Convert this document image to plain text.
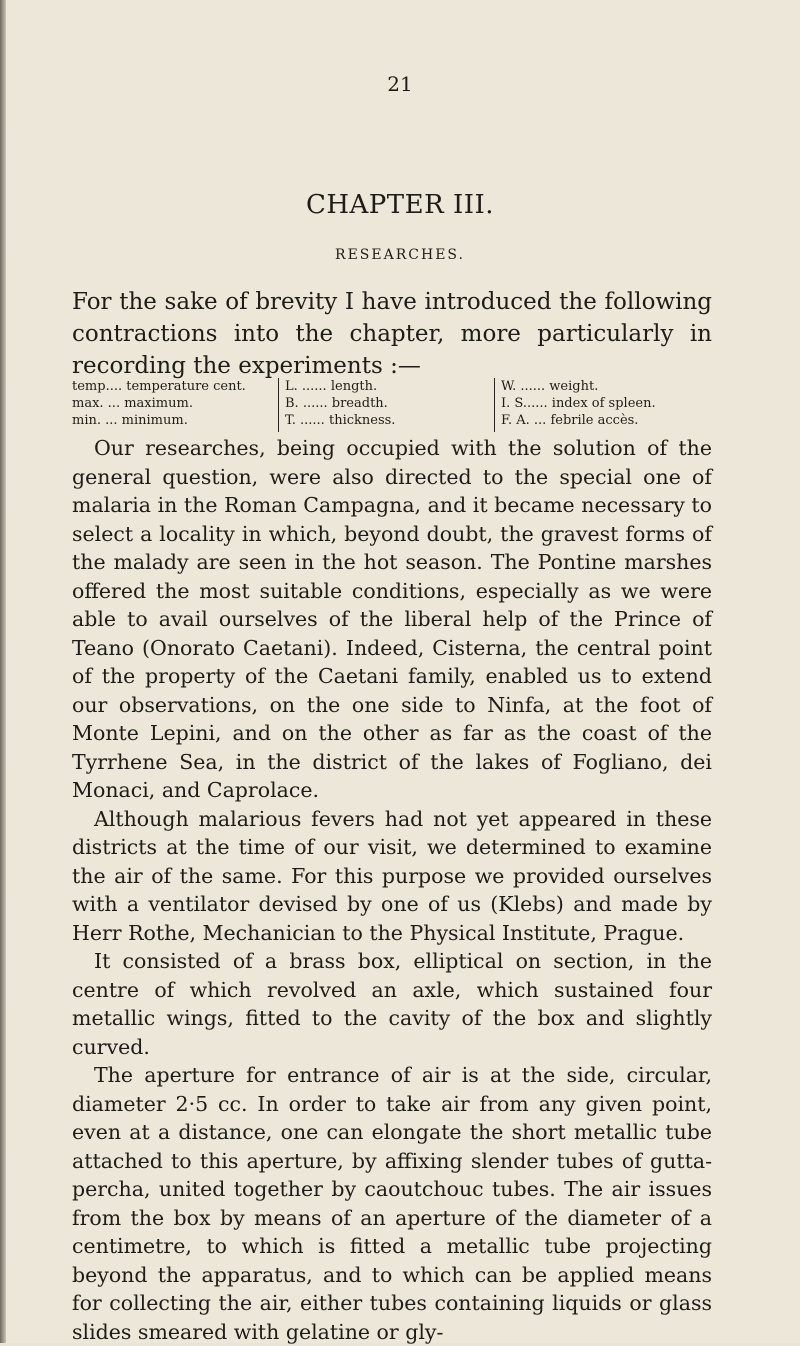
21
CHAPTER III.
RESEARCHES.

For the sake of brevity I have introduced the following contractions into the chapter, more particularly in recording the experiments :—

temp.... temperature cent.
max. ... maximum.
min. ... minimum.
L. ...... length.
B. ...... breadth.
T. ...... thickness.
W. ...... weight.
I. S...... index of spleen.
F. A. ... febrile accès.

Our researches, being occupied with the solution of the general question, were also directed to the special one of malaria in the Roman Campagna, and it became necessary to select a locality in which, beyond doubt, the gravest forms of the malady are seen in the hot season. The Pontine marshes offered the most suitable conditions, especially as we were able to avail ourselves of the liberal help of the Prince of Teano (Onorato Caetani). Indeed, Cisterna, the central point of the property of the Caetani family, enabled us to extend our observations, on the one side to Ninfa, at the foot of Monte Lepini, and on the other as far as the coast of the Tyrrhene Sea, in the district of the lakes of Fogliano, dei Monaci, and Caprolace.

Although malarious fevers had not yet appeared in these districts at the time of our visit, we determined to examine the air of the same. For this purpose we provided ourselves with a ventilator devised by one of us (Klebs) and made by Herr Rothe, Mechanician to the Physical Institute, Prague.

It consisted of a brass box, elliptical on section, in the centre of which revolved an axle, which sustained four metallic wings, fitted to the cavity of the box and slightly curved.

The aperture for entrance of air is at the side, circular, diameter 2·5 cc. In order to take air from any given point, even at a distance, one can elongate the short metallic tube attached to this aperture, by affixing slender tubes of gutta-percha, united together by caoutchouc tubes. The air issues from the box by means of an aperture of the diameter of a centimetre, to which is fitted a metallic tube projecting beyond the apparatus, and to which can be applied means for collecting the air, either tubes containing liquids or glass slides smeared with gelatine or gly-
